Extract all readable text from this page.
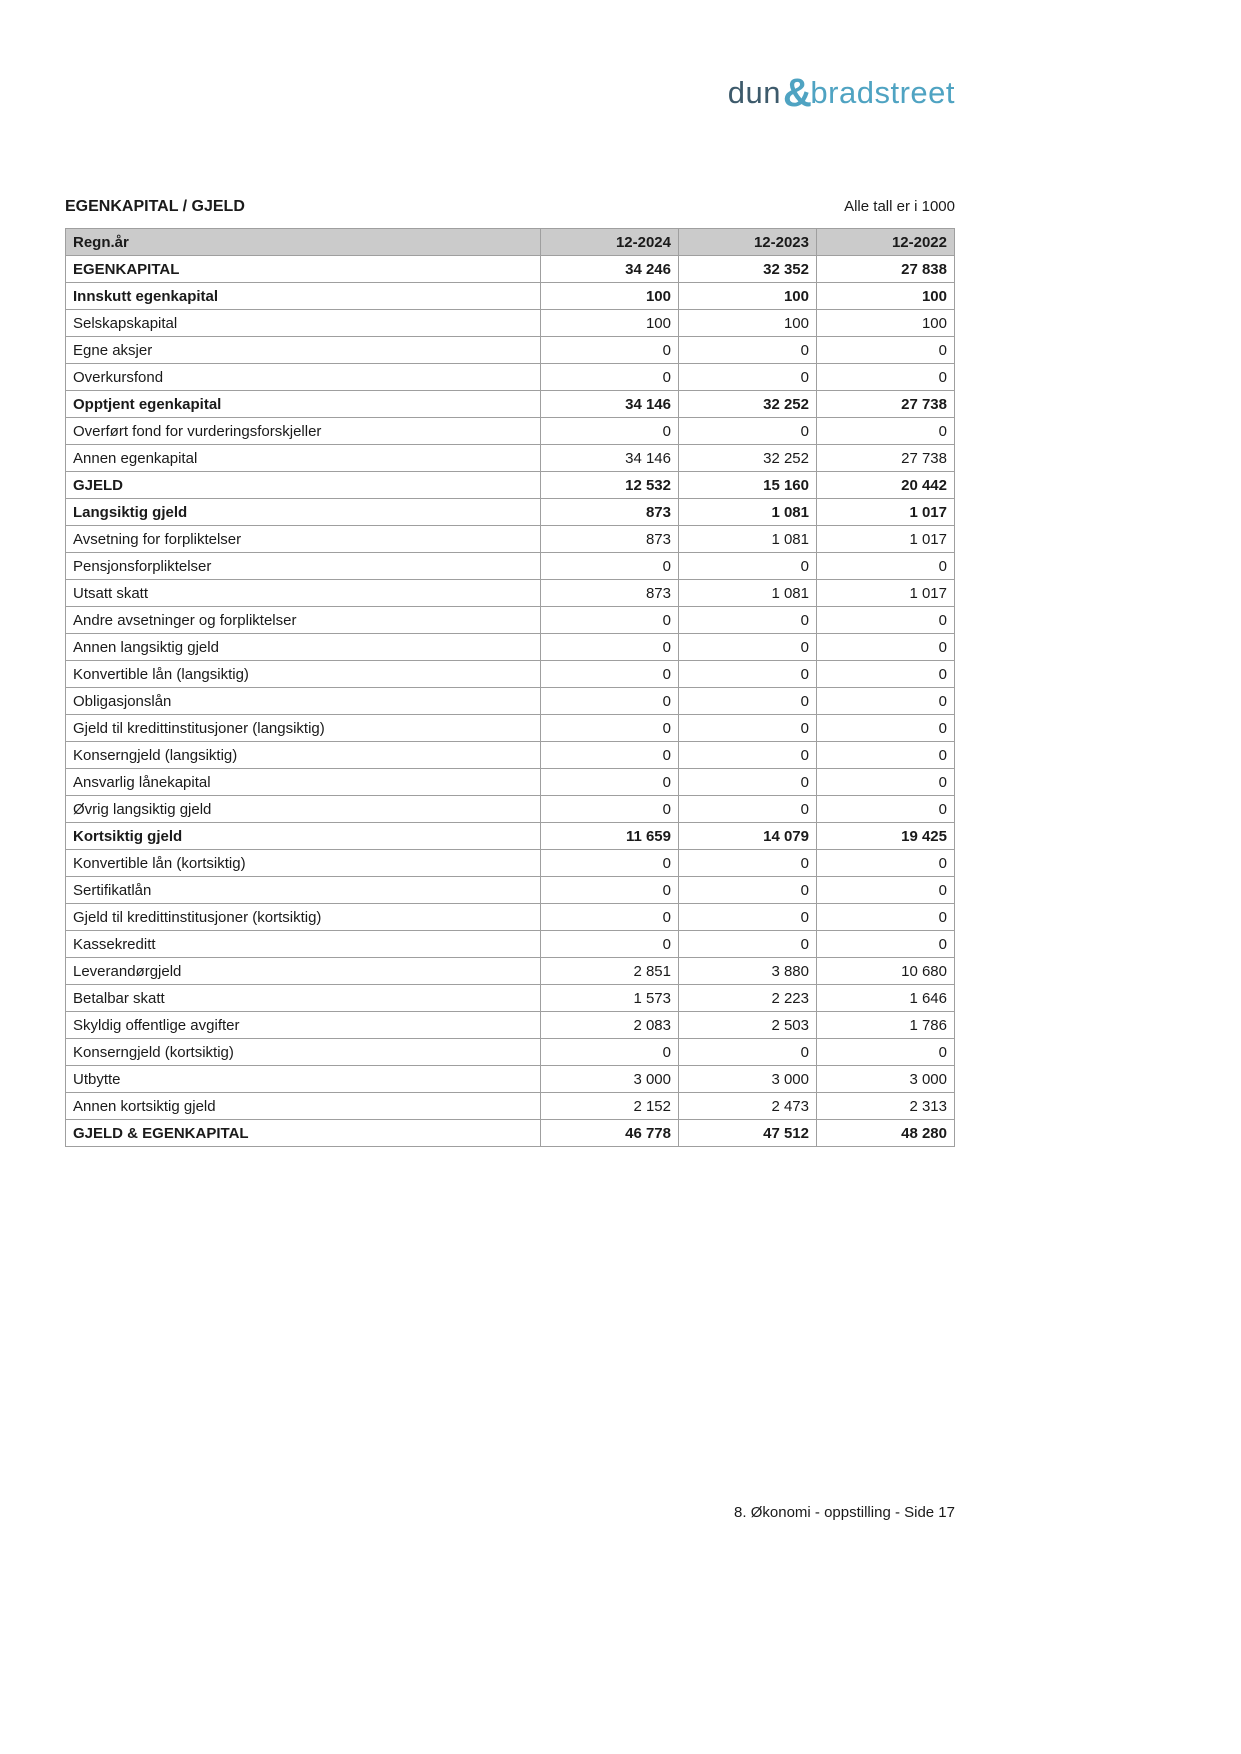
dun&bradstreet
EGENKAPITAL / GJELD	Alle tall er i 1000
Regn.år	12-2024	12-2023	12-2022
EGENKAPITAL	34 246	32 352	27 838
Innskutt egenkapital	100	100	100
Selskapskapital	100	100	100
Egne aksjer	0	0	0
Overkursfond	0	0	0
Opptjent egenkapital	34 146	32 252	27 738
Overført fond for vurderingsforskjeller	0	0	0
Annen egenkapital	34 146	32 252	27 738
GJELD	12 532	15 160	20 442
Langsiktig gjeld	873	1 081	1 017
Avsetning for forpliktelser	873	1 081	1 017
Pensjonsforpliktelser	0	0	0
Utsatt skatt	873	1 081	1 017
Andre avsetninger og forpliktelser	0	0	0
Annen langsiktig gjeld	0	0	0
Konvertible lån (langsiktig)	0	0	0
Obligasjonslån	0	0	0
Gjeld til kredittinstitusjoner (langsiktig)	0	0	0
Konserngjeld (langsiktig)	0	0	0
Ansvarlig lånekapital	0	0	0
Øvrig langsiktig gjeld	0	0	0
Kortsiktig gjeld	11 659	14 079	19 425
Konvertible lån (kortsiktig)	0	0	0
Sertifikatlån	0	0	0
Gjeld til kredittinstitusjoner (kortsiktig)	0	0	0
Kassekreditt	0	0	0
Leverandørgjeld	2 851	3 880	10 680
Betalbar skatt	1 573	2 223	1 646
Skyldig offentlige avgifter	2 083	2 503	1 786
Konserngjeld (kortsiktig)	0	0	0
Utbytte	3 000	3 000	3 000
Annen kortsiktig gjeld	2 152	2 473	2 313
GJELD & EGENKAPITAL	46 778	47 512	48 280
8. Økonomi - oppstilling - Side 17
